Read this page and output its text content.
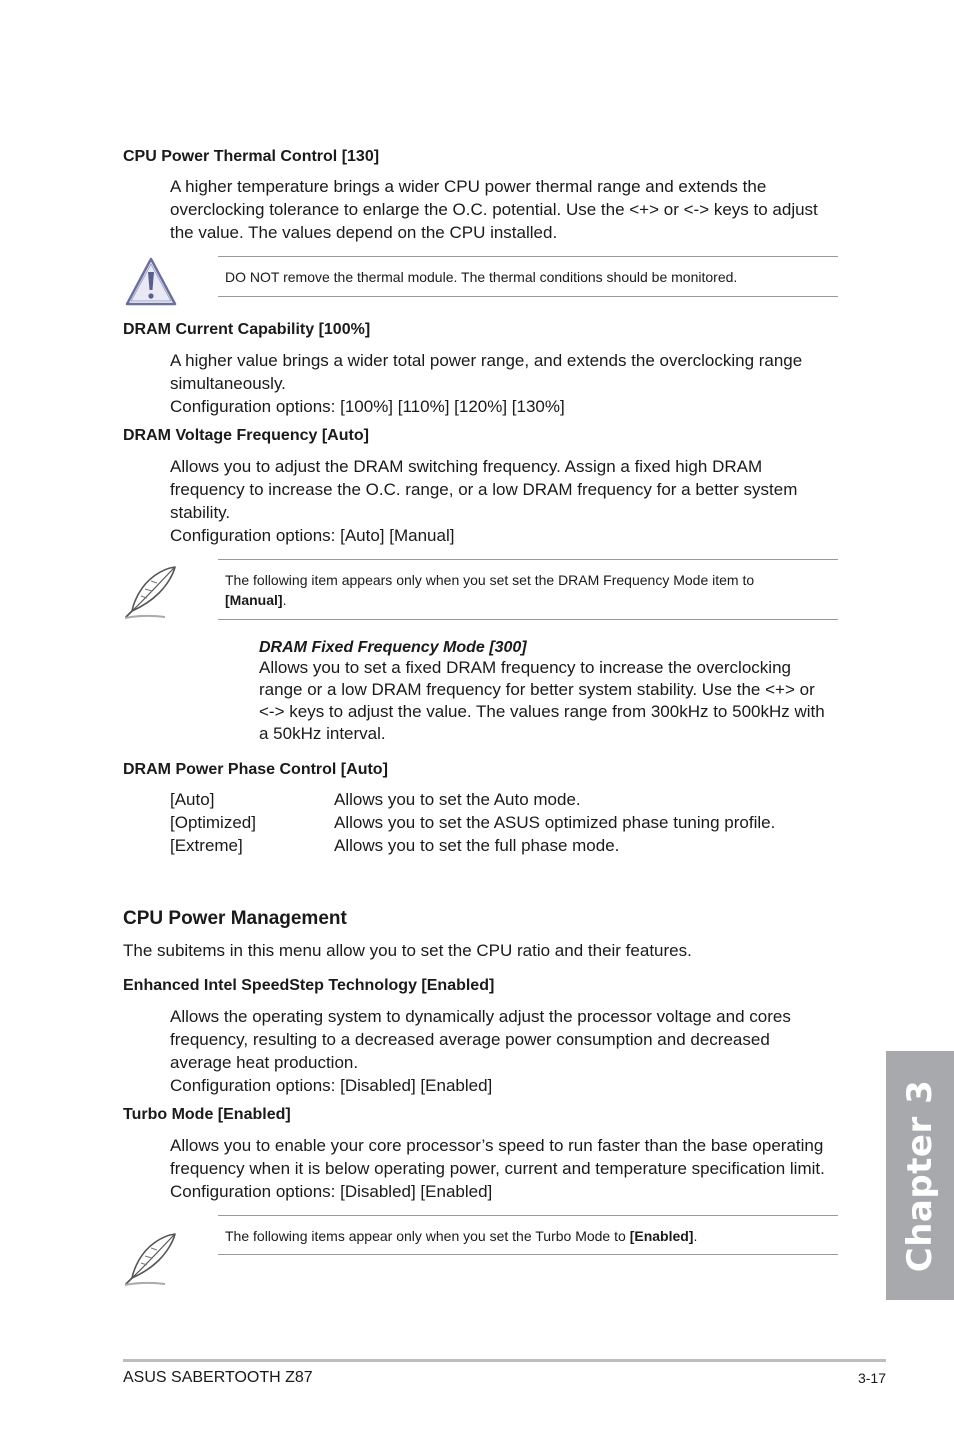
CPU Power Thermal Control [130]
A higher temperature brings a wider CPU power thermal range and extends the
overclocking tolerance to enlarge the O.C. potential. Use the <+> or <-> keys to adjust
the value. The values depend on the CPU installed.
DO NOT remove the thermal module. The thermal conditions should be monitored.
DRAM Current Capability [100%]
A higher value brings a wider total power range, and extends the overclocking range
simultaneously.
Configuration options: [100%] [110%] [120%] [130%]
DRAM Voltage Frequency [Auto]
Allows you to adjust the DRAM switching frequency. Assign a fixed high DRAM
frequency to increase the O.C. range, or a low DRAM frequency for a better system
stability.
Configuration options: [Auto] [Manual]
The following item appears only when you set set the DRAM Frequency Mode item to
[Manual].
DRAM Fixed Frequency Mode [300]
Allows you to set a fixed DRAM frequency to increase the overclocking
range or a low DRAM frequency for better system stability. Use the <+> or
<-> keys to adjust the value. The values range from 300kHz to 500kHz with
a 50kHz interval.
DRAM Power Phase Control [Auto]
[Auto]	Allows you to set the Auto mode.
[Optimized]	Allows you to set the ASUS optimized phase tuning profile.
[Extreme]	Allows you to set the full phase mode.
CPU Power Management
The subitems in this menu allow you to set the CPU ratio and their features.
Enhanced Intel SpeedStep Technology [Enabled]
Allows the operating system to dynamically adjust the processor voltage and cores
frequency, resulting to a decreased average power consumption and decreased
average heat production.
Configuration options: [Disabled] [Enabled]
Turbo Mode [Enabled]
Allows you to enable your core processor’s speed to run faster than the base operating
frequency when it is below operating power, current and temperature specification limit.
Configuration options: [Disabled] [Enabled]
The following items appear only when you set the Turbo Mode to [Enabled].	Chapter 3
ASUS SABERTOOTH Z87	3-17
